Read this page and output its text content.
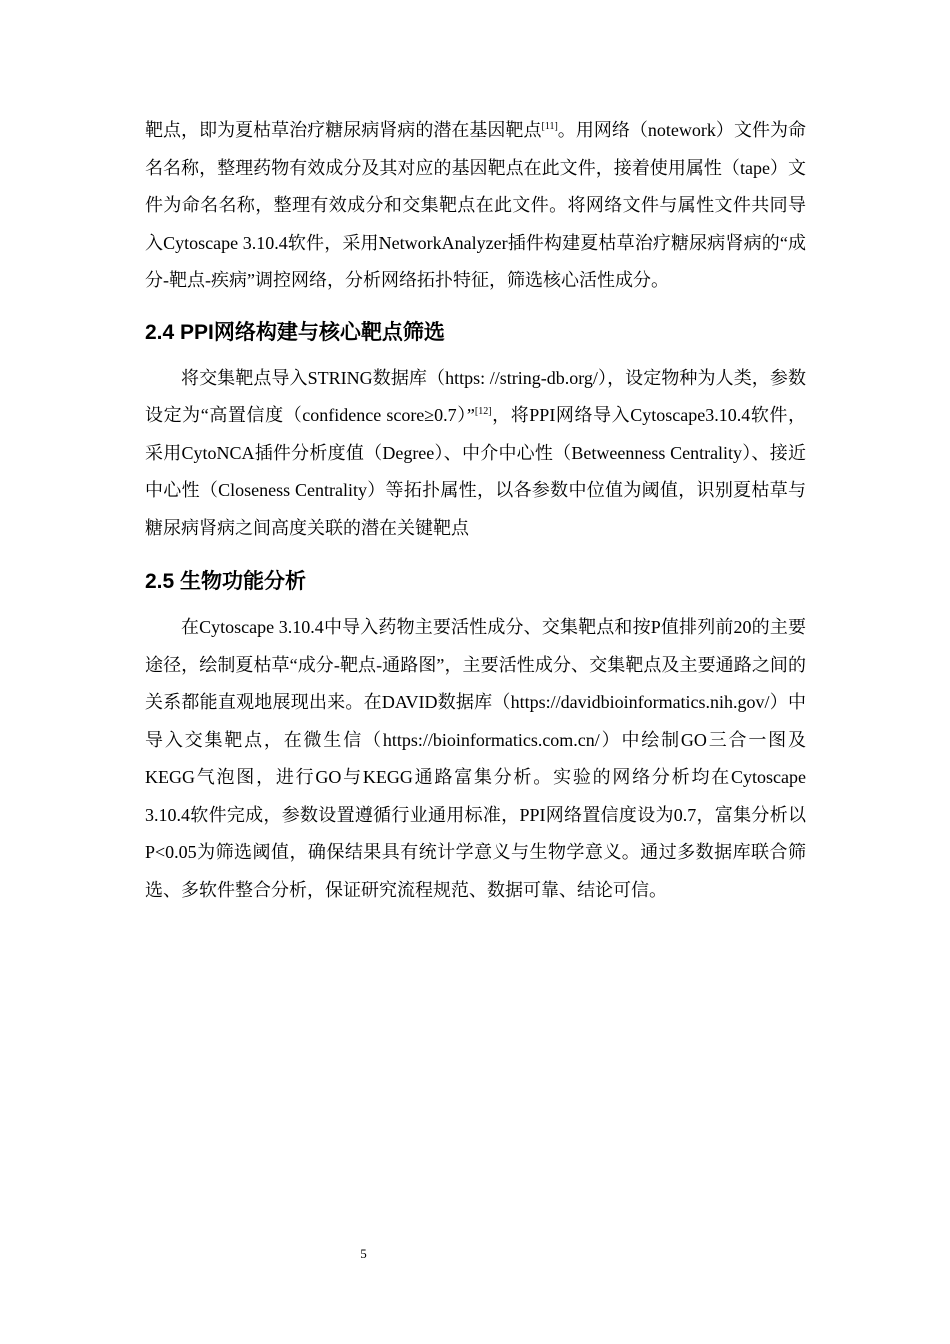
靶点，即为夏枯草治疗糖尿病肾病的潜在基因靶点[11]。用网络（notework）文件为命名名称，整理药物有效成分及其对应的基因靶点在此文件，接着使用属性（tape）文件为命名名称，整理有效成分和交集靶点在此文件。将网络文件与属性文件共同导入Cytoscape 3.10.4软件，采用NetworkAnalyzer插件构建夏枯草治疗糖尿病肾病的“成分-靶点-疾病”调控网络，分析网络拓扑特征，筛选核心活性成分。

2.4 PPI网络构建与核心靶点筛选

将交集靶点导入STRING数据库（https: //string-db.org/），设定物种为人类，参数设定为“高置信度（confidence score≥0.7）”[12]，将PPI网络导入Cytoscape3.10.4软件，采用CytoNCA插件分析度值（Degree）、中介中心性（Betweenness Centrality）、接近中心性（Closeness Centrality）等拓扑属性，以各参数中位值为阈值，识别夏枯草与糖尿病肾病之间高度关联的潜在关键靶点

2.5 生物功能分析

在Cytoscape 3.10.4中导入药物主要活性成分、交集靶点和按P值排列前20的主要途径，绘制夏枯草“成分-靶点-通路图”，主要活性成分、交集靶点及主要通路之间的关系都能直观地展现出来。在DAVID数据库（https://davidbioinformatics.nih.gov/）中导入交集靶点，在微生信（https://bioinformatics.com.cn/）中绘制GO三合一图及KEGG气泡图，进行GO与KEGG通路富集分析。实验的网络分析均在Cytoscape 3.10.4软件完成，参数设置遵循行业通用标准，PPI网络置信度设为0.7，富集分析以P<0.05为筛选阈值，确保结果具有统计学意义与生物学意义。通过多数据库联合筛选、多软件整合分析，保证研究流程规范、数据可靠、结论可信。

5
